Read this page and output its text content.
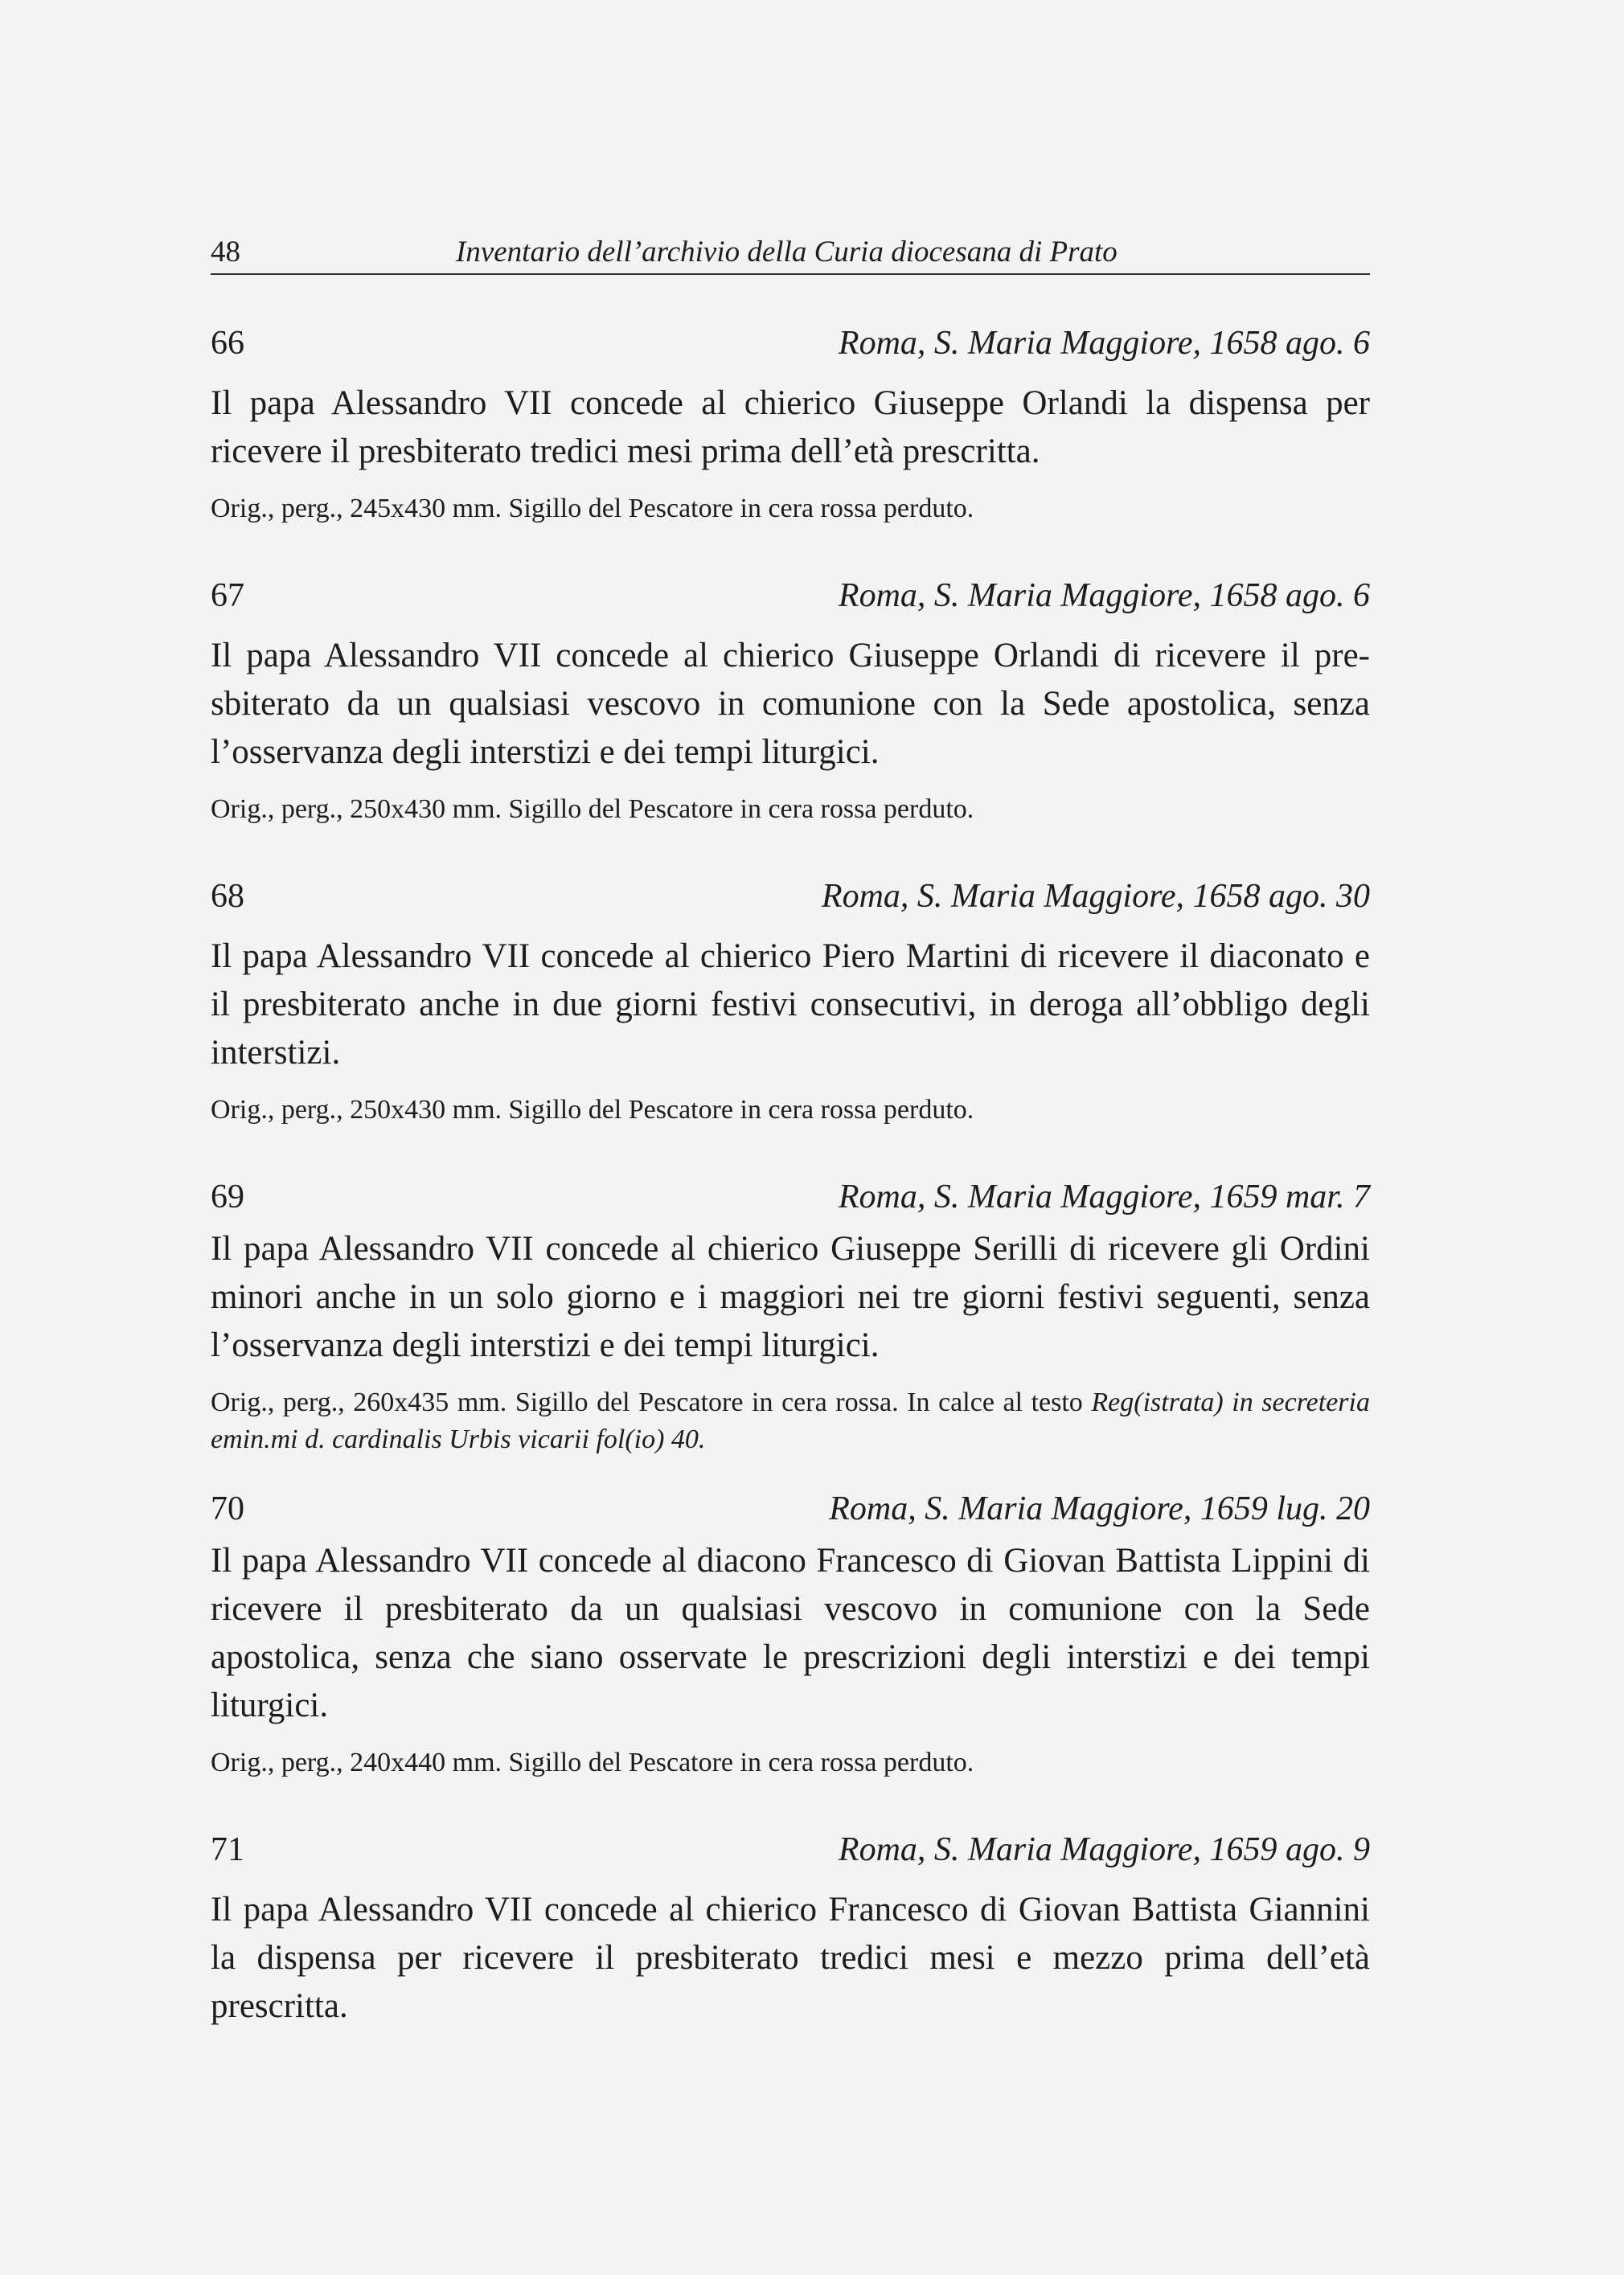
48	Inventario dell’archivio della Curia diocesana di Prato
66	Roma, S. Maria Maggiore, 1658 ago. 6
Il papa Alessandro VII concede al chierico Giuseppe Orlandi la dispensa per ricevere il presbiterato tredici mesi prima dell’età prescritta.
Orig., perg., 245x430 mm. Sigillo del Pescatore in cera rossa perduto.
67	Roma, S. Maria Maggiore, 1658 ago. 6
Il papa Alessandro VII concede al chierico Giuseppe Orlandi di ricevere il presbiterato da un qualsiasi vescovo in comunione con la Sede apostolica, senza l’osservanza degli interstizi e dei tempi liturgici.
Orig., perg., 250x430 mm. Sigillo del Pescatore in cera rossa perduto.
68	Roma, S. Maria Maggiore, 1658 ago. 30
Il papa Alessandro VII concede al chierico Piero Martini di ricevere il diaconato e il presbiterato anche in due giorni festivi consecutivi, in deroga all’obbligo degli interstizi.
Orig., perg., 250x430 mm. Sigillo del Pescatore in cera rossa perduto.
69	Roma, S. Maria Maggiore, 1659 mar. 7
Il papa Alessandro VII concede al chierico Giuseppe Serilli di ricevere gli Ordini minori anche in un solo giorno e i maggiori nei tre giorni festivi seguenti, senza l’osservanza degli interstizi e dei tempi liturgici.
Orig., perg., 260x435 mm. Sigillo del Pescatore in cera rossa. In calce al testo Reg(istrata) in secreteria emin.mi d. cardinalis Urbis vicarii fol(io) 40.
70	Roma, S. Maria Maggiore, 1659 lug. 20
Il papa Alessandro VII concede al diacono Francesco di Giovan Battista Lippini di ricevere il presbiterato da un qualsiasi vescovo in comunione con la Sede apostolica, senza che siano osservate le prescrizioni degli interstizi e dei tempi liturgici.
Orig., perg., 240x440 mm. Sigillo del Pescatore in cera rossa perduto.
71	Roma, S. Maria Maggiore, 1659 ago. 9
Il papa Alessandro VII concede al chierico Francesco di Giovan Battista Giannini la dispensa per ricevere il presbiterato tredici mesi e mezzo prima dell’età prescritta.
